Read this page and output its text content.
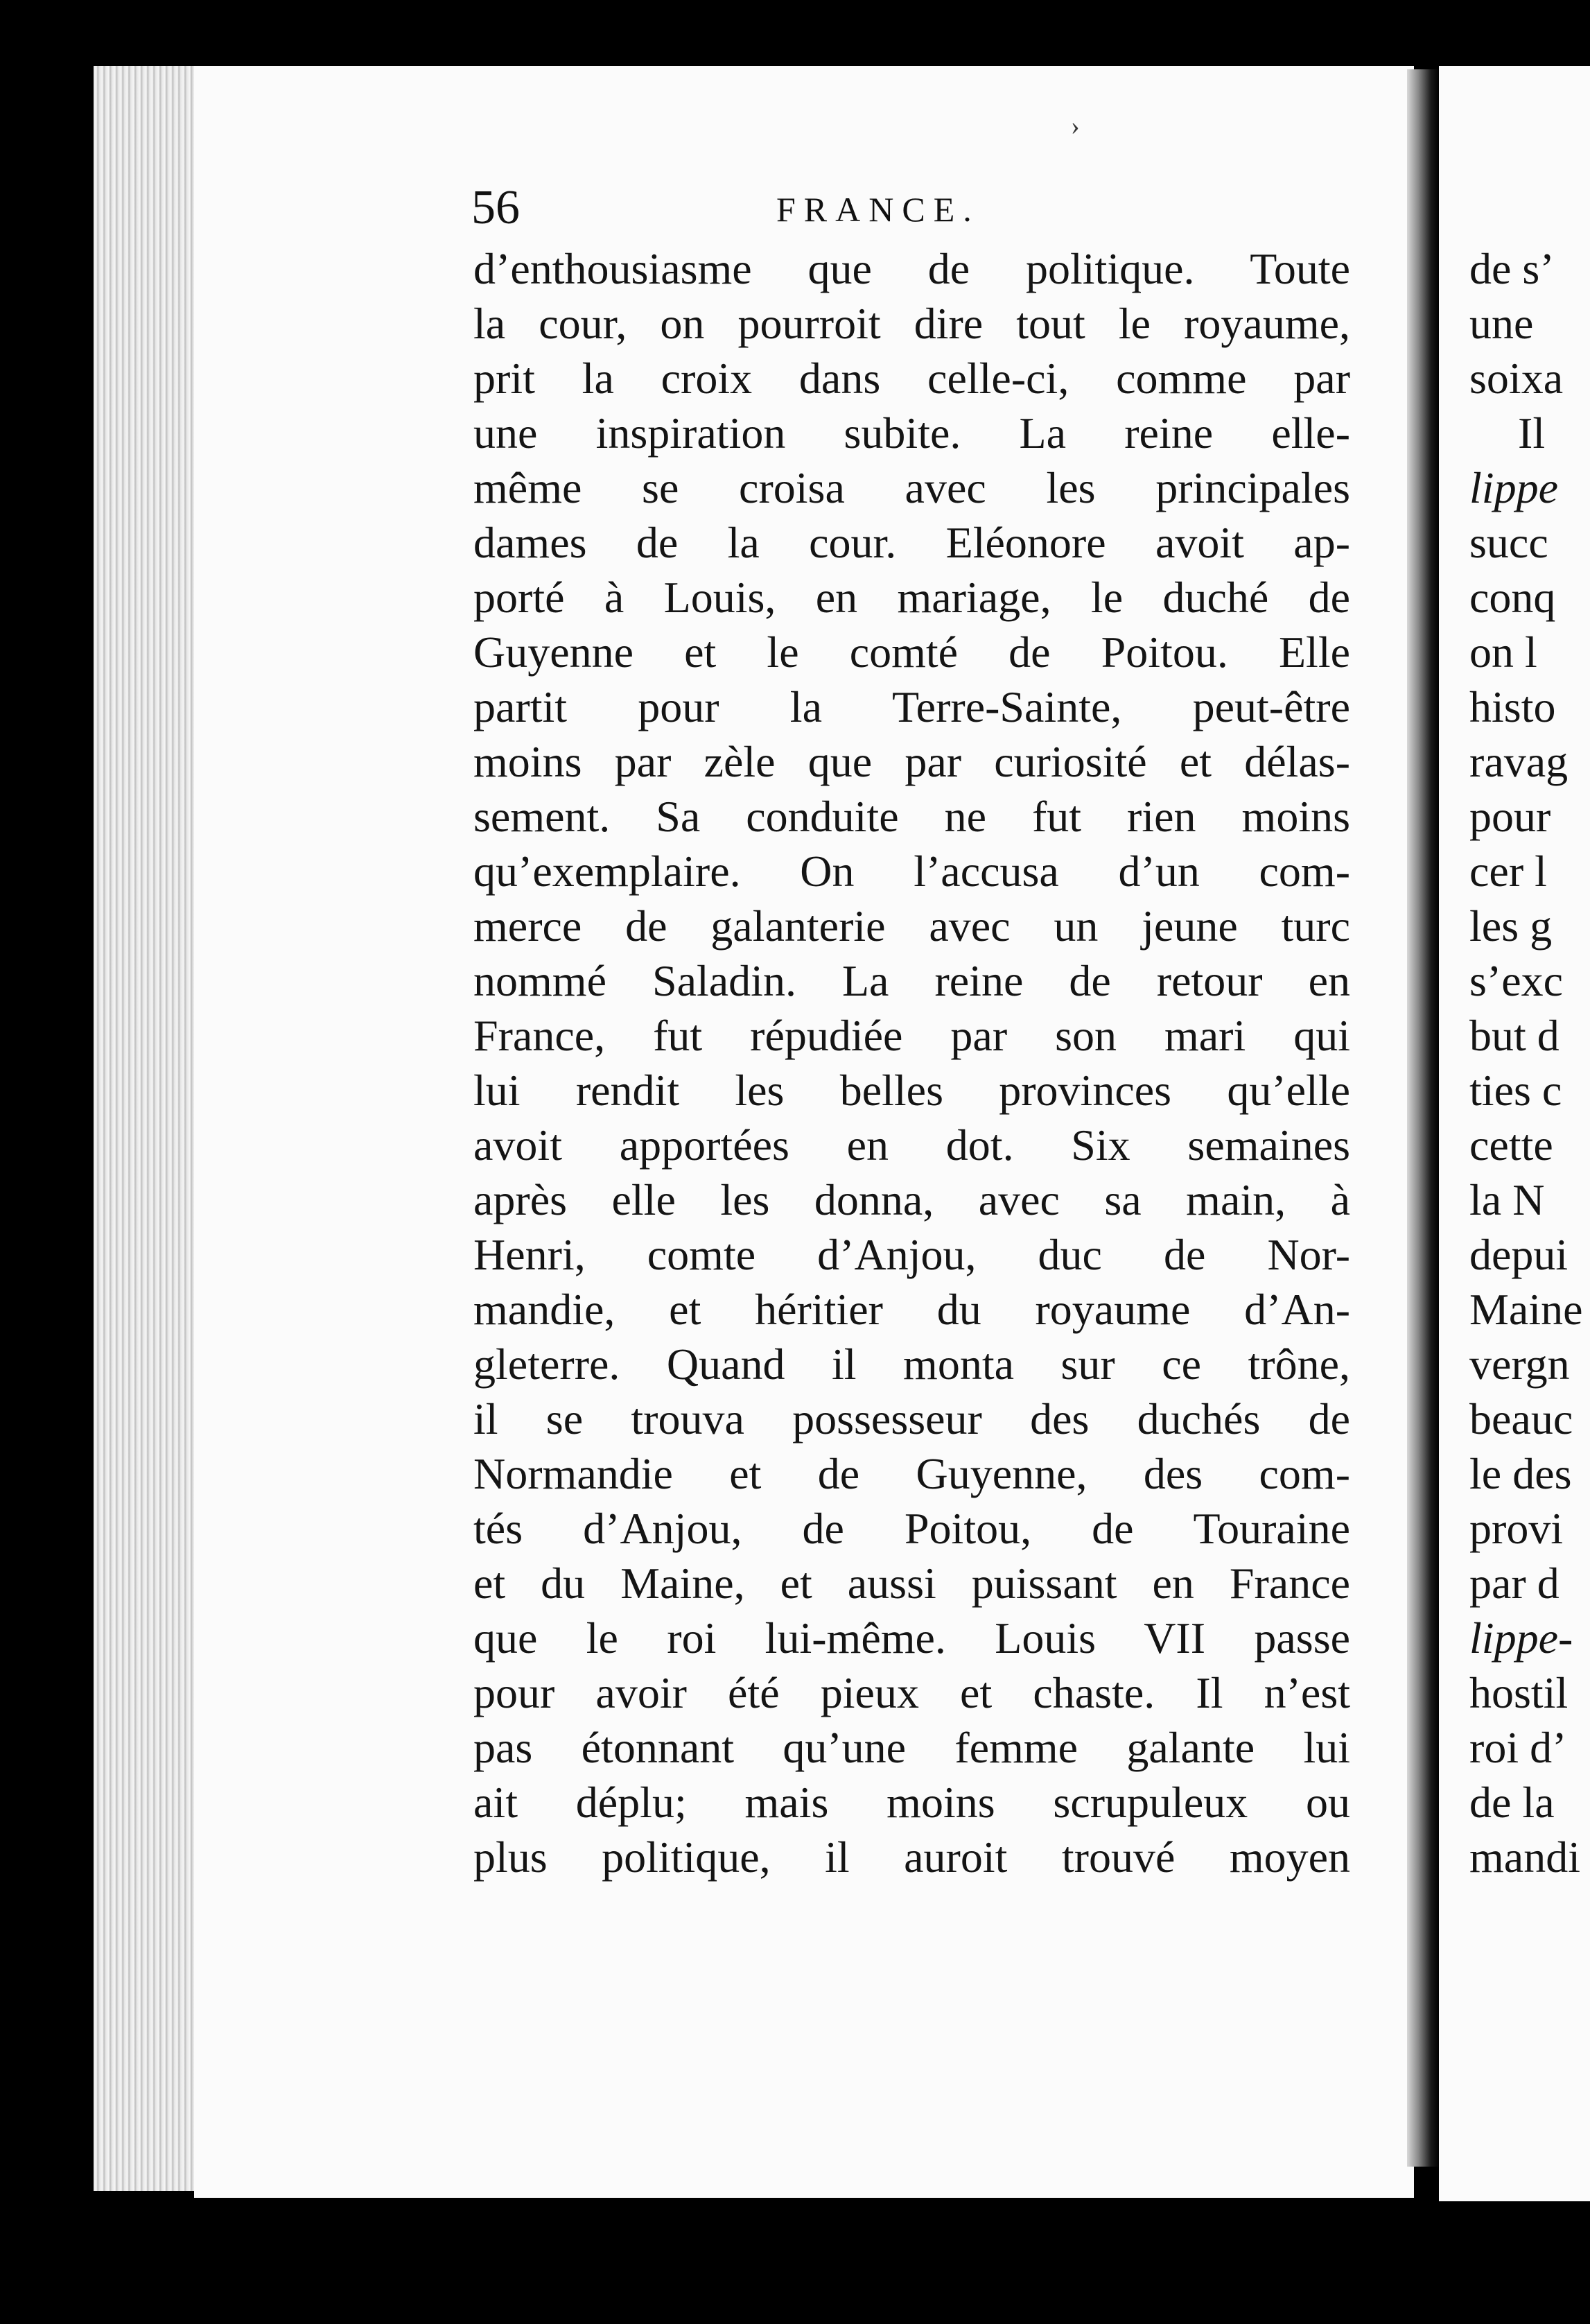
›
56	FRANCE.
d’enthousiasme que de politique. Toute
la cour, on pourroit dire tout le royaume,
prit la croix dans celle-ci, comme par
une inspiration subite. La reine elle-
même se croisa avec les principales
dames de la cour. Eléonore avoit ap-
porté à Louis, en mariage, le duché de
Guyenne et le comté de Poitou. Elle
partit pour la Terre-Sainte, peut-être
moins par zèle que par curiosité et délas-
sement. Sa conduite ne fut rien moins
qu’exemplaire. On l’accusa d’un com-
merce de galanterie avec un jeune turc
nommé Saladin. La reine de retour en
France, fut répudiée par son mari qui
lui rendit les belles provinces qu’elle
avoit apportées en dot. Six semaines
après elle les donna, avec sa main, à
Henri, comte d’Anjou, duc de Nor-
mandie, et héritier du royaume d’An-
gleterre. Quand il monta sur ce trône,
il se trouva possesseur des duchés de
Normandie et de Guyenne, des com-
tés d’Anjou, de Poitou, de Touraine
et du Maine, et aussi puissant en France
que le roi lui-même. Louis VII passe
pour avoir été pieux et chaste. Il n’est
pas étonnant qu’une femme galante lui
ait déplu; mais moins scrupuleux ou
plus politique, il auroit trouvé moyen
de s’
une
soixa
Il
lippe
succ
conq
on l
histo
ravag
pour
cer l
les g
s’exc
but d
ties c
cette
la N
depui
Maine
vergn
beauc
le des
provi
par d
lippe-
hostil
roi d’
de la
mandi
